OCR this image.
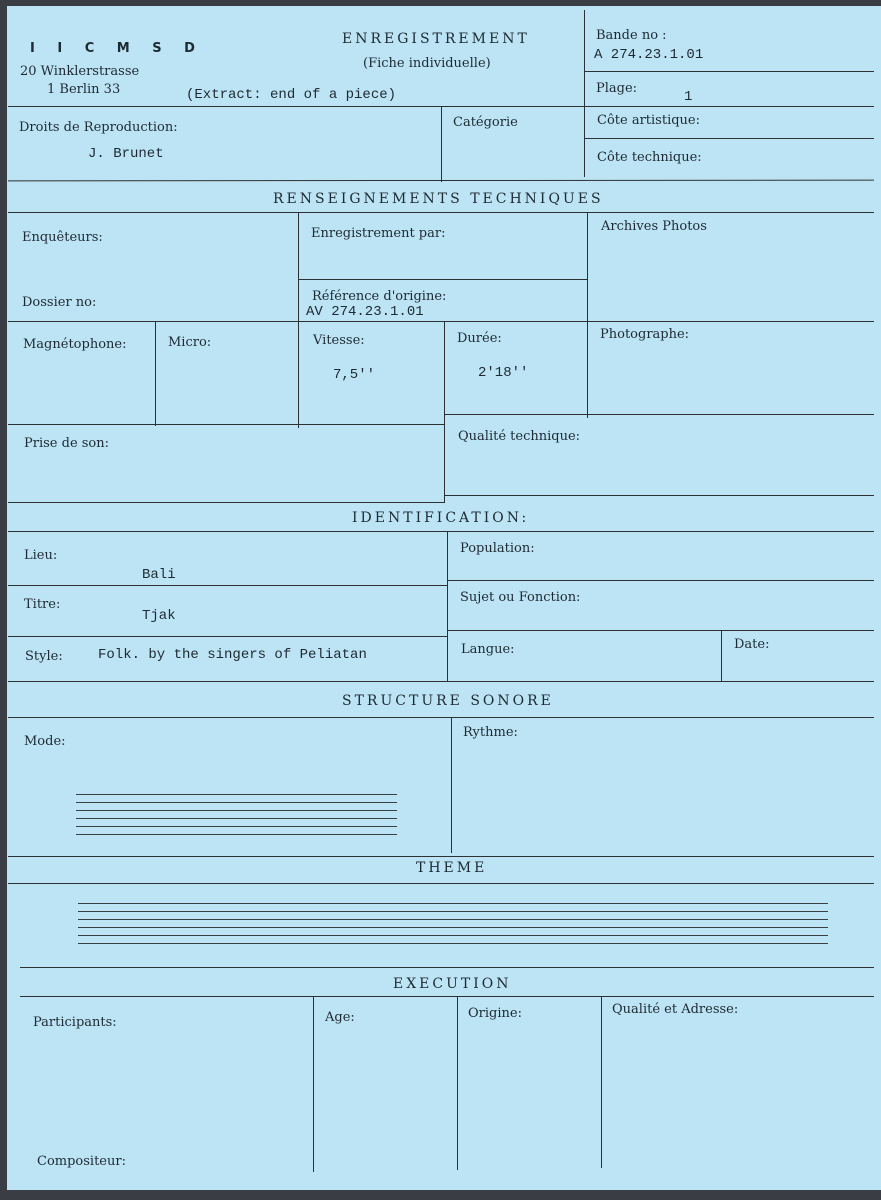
I I C M S D
20 Winklerstrasse
1 Berlin 33
ENREGISTREMENT
(Fiche individuelle)
(Extract: end of a piece)
Bande no :
A 274.23.1.01
Plage:
1
Droits de Reproduction:
J. Brunet
Catégorie	Côte artistique:
Côte technique:
RENSEIGNEMENTS TECHNIQUES
Enquêteurs:	Enregistrement par:	Archives Photos
Dossier no:	Référence d'origine:
AV 274.23.1.01
Magnétophone:	Micro:	Vitesse:
7,5''
Durée:
2'18''
Photographe:
Prise de son:	Qualité technique:
IDENTIFICATION:
Lieu:
Bali
Population:
Titre:
Tjak
Sujet ou Fonction:
Style:	Folk. by the singers of Peliatan	Langue:	Date:
STRUCTURE SONORE
Mode:
Rythme:
THEME
EXECUTION
Participants:	Age:	Origine:	Qualité et Adresse:
Compositeur:
